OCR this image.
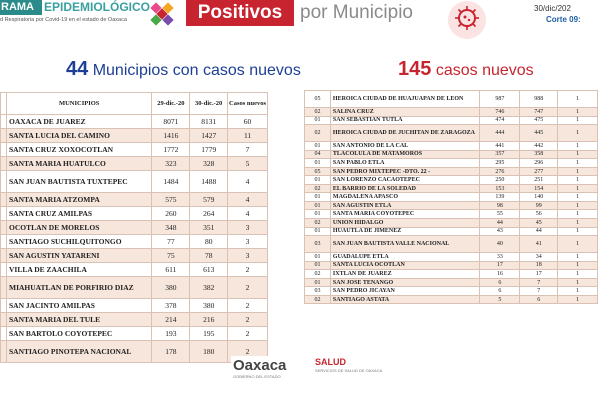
RAMA EPIDEMIOLÓGICO
d Respiratoria por Covid-19 en el estado de Oaxaca	Positivos por Municipio	30/dic/202
Corte 09:
44 Municipios con casos nuevos	145 casos nuevos
	MUNICIPIOS	29-dic.-20	30-dic.-20	Casos nuevos
	OAXACA DE JUAREZ	8071	8131	60
	SANTA LUCIA DEL CAMINO	1416	1427	11
	SANTA CRUZ XOXOCOTLAN	1772	1779	7
	SANTA MARIA HUATULCO	323	328	5
	SAN JUAN BAUTISTA TUXTEPEC	1484	1488	4
	SANTA MARIA ATZOMPA	575	579	4
	SANTA CRUZ AMILPAS	260	264	4
	OCOTLAN DE MORELOS	348	351	3
	SANTIAGO SUCHILQUITONGO	77	80	3
	SAN AGUSTIN YATARENI	75	78	3
	VILLA DE ZAACHILA	611	613	2
	MIAHUATLAN DE PORFIRIO DIAZ	380	382	2
	SAN JACINTO AMILPAS	378	380	2
	SANTA MARIA DEL TULE	214	216	2
	SAN BARTOLO COYOTEPEC	193	195	2
	SANTIAGO PINOTEPA NACIONAL	178	180	2
05	HEROICA CIUDAD DE HUAJUAPAN DE LEON	987	988	1
02	SALINA CRUZ	746	747	1
01	SAN SEBASTIAN TUTLA	474	475	1
02	HEROICA CIUDAD DE JUCHITAN DE ZARAGOZA	444	445	1
01	SAN ANTONIO DE LA CAL	441	442	1
04	TLACOLULA DE MATAMOROS	357	358	1
01	SAN PABLO ETLA	295	296	1
05	SAN PEDRO MIXTEPEC -DTO. 22 -	276	277	1
01	SAN LORENZO CACAOTEPEC	250	251	1
02	EL BARRIO DE LA SOLEDAD	153	154	1
01	MAGDALENA APASCO	139	140	1
01	SAN AGUSTIN ETLA	98	99	1
01	SANTA MARIA COYOTEPEC	55	56	1
02	UNION HIDALGO	44	45	1
01	HUAUTLA DE JIMENEZ	43	44	1
03	SAN JUAN BAUTISTA VALLE NACIONAL	40	41	1
01	GUADALUPE ETLA	33	34	1
01	SANTA LUCIA OCOTLAN	17	18	1
02	IXTLAN DE JUAREZ	16	17	1
01	SAN JOSE TENANGO	6	7	1
03	SAN PEDRO JICAYAN	6	7	1
02	SANTIAGO ASTATA	5	6	1
Oaxaca
GOBIERNO DEL ESTADO
SALUD
SERVICIOS DE SALUD DE OAXACA
